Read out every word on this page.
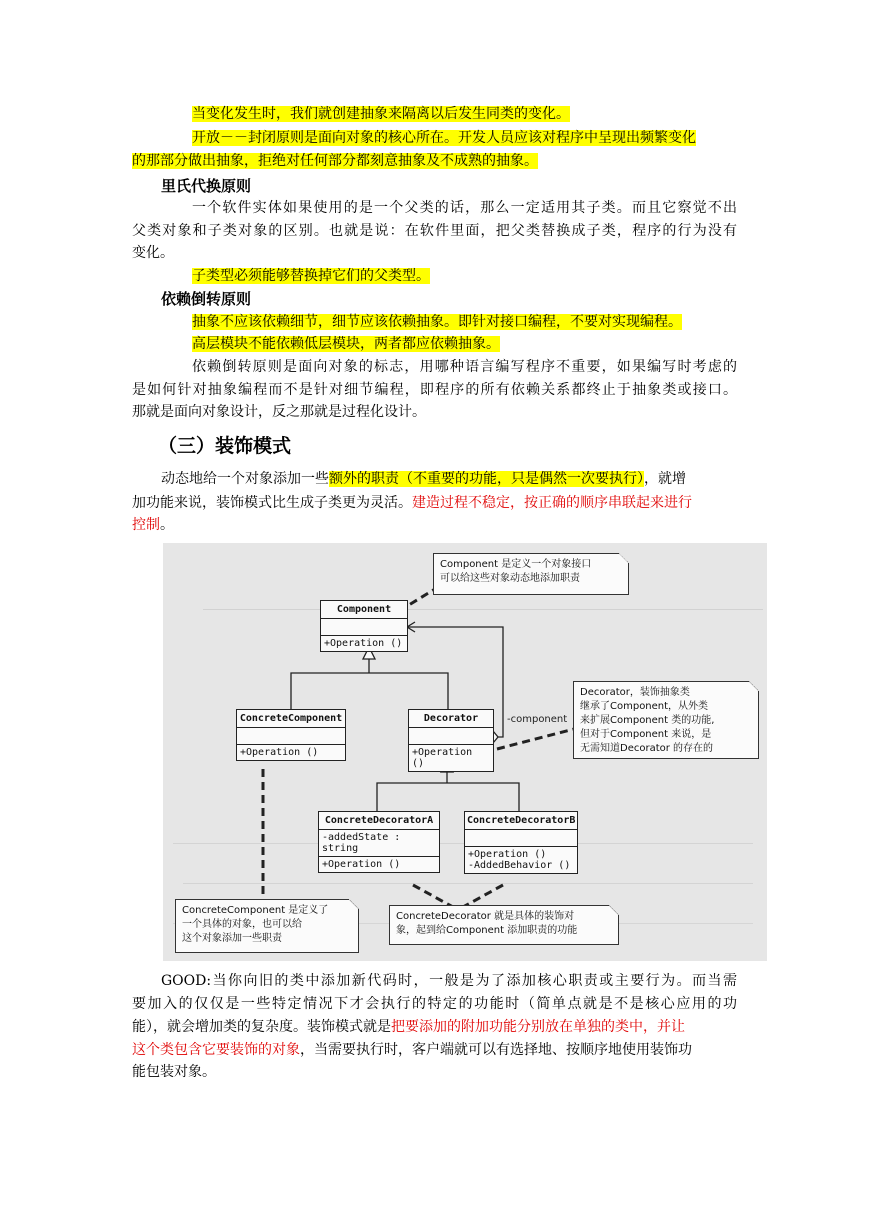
当变化发生时，我们就创建抽象来隔离以后发生同类的变化。
开放－－封闭原则是面向对象的核心所在。开发人员应该对程序中呈现出频繁变化
的那部分做出抽象，拒绝对任何部分都刻意抽象及不成熟的抽象。
里氏代换原则
一个软件实体如果使用的是一个父类的话，那么一定适用其子类。而且它察觉不出
父类对象和子类对象的区别。也就是说：在软件里面，把父类替换成子类，程序的行为没有
变化。
子类型必须能够替换掉它们的父类型。
依赖倒转原则
抽象不应该依赖细节，细节应该依赖抽象。即针对接口编程，不要对实现编程。
高层模块不能依赖低层模块，两者都应依赖抽象。
依赖倒转原则是面向对象的标志，用哪种语言编写程序不重要，如果编写时考虑的
是如何针对抽象编程而不是针对细节编程，即程序的所有依赖关系都终止于抽象类或接口。
那就是面向对象设计，反之那就是过程化设计。
（三）装饰模式
动态地给一个对象添加一些额外的职责（不重要的功能，只是偶然一次要执行），就增
加功能来说，装饰模式比生成子类更为灵活。建造过程不稳定，按正确的顺序串联起来进行
控制。
Component
+Operation ()
ConcreteComponent
+Operation ()
Decorator
+Operation ()
-component
ConcreteDecoratorA
-addedState : string
+Operation ()
ConcreteDecoratorB
+Operation ()
-AddedBehavior ()
Component 是定义一个对象接口
可以给这些对象动态地添加职责
Decorator，装饰抽象类
继承了Component，从外类
来扩展Component 类的功能,
但对于Component 来说，是
无需知道Decorator 的存在的
ConcreteComponent 是定义了
一个具体的对象，也可以给
这个对象添加一些职责
ConcreteDecorator 就是具体的装饰对
象，起到给Component 添加职责的功能
GOOD:当你向旧的类中添加新代码时，一般是为了添加核心职责或主要行为。而当需
要加入的仅仅是一些特定情况下才会执行的特定的功能时（简单点就是不是核心应用的功
能），就会增加类的复杂度。装饰模式就是把要添加的附加功能分别放在单独的类中，并让
这个类包含它要装饰的对象，当需要执行时，客户端就可以有选择地、按顺序地使用装饰功
能包装对象。
